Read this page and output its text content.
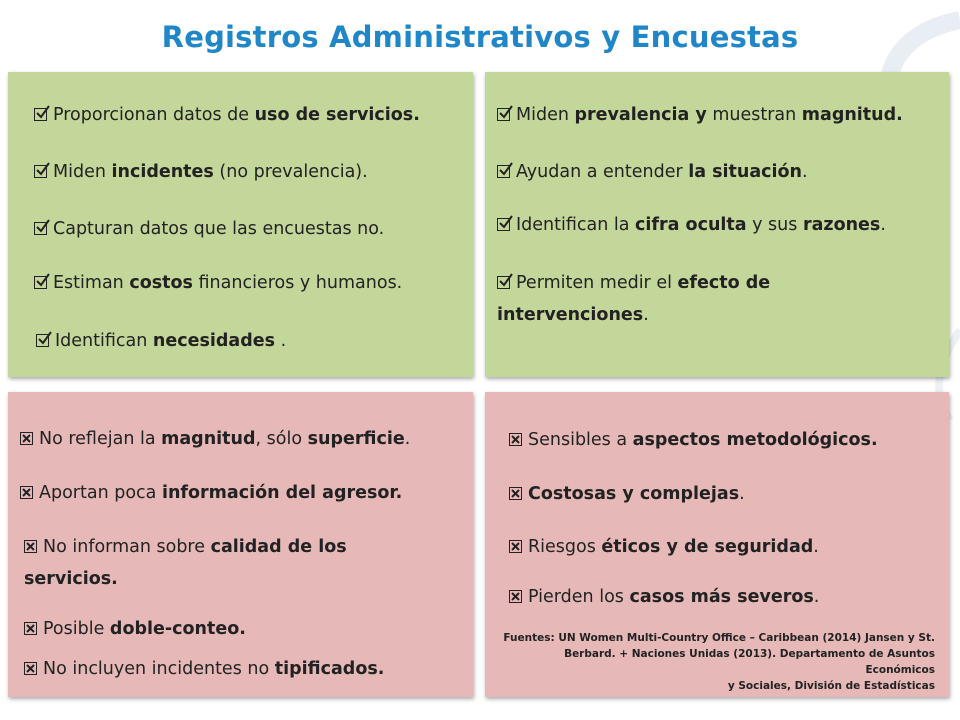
Registros Administrativos y Encuestas
Proporcionan datos de uso de servicios.
Miden incidentes (no prevalencia).
Capturan datos que las encuestas no.
Estiman costos financieros y humanos.
Identifican necesidades .
Miden prevalencia y muestran magnitud.
Ayudan a entender la situación.
Identifican la cifra oculta y sus razones.
Permiten medir el efecto de intervenciones.
No reflejan la magnitud, sólo superficie.
Aportan poca información del agresor.
No informan sobre calidad de los servicios.
Posible doble-conteo.
No incluyen incidentes no tipificados.
Sensibles a aspectos metodológicos.
Costosas y complejas.
Riesgos éticos y de seguridad.
Pierden los casos más severos.
Fuentes: UN Women Multi-Country Office – Caribbean (2014) Jansen y St.
Berbard. + Naciones Unidas (2013). Departamento de Asuntos Económicos
y Sociales, División de Estadísticas
